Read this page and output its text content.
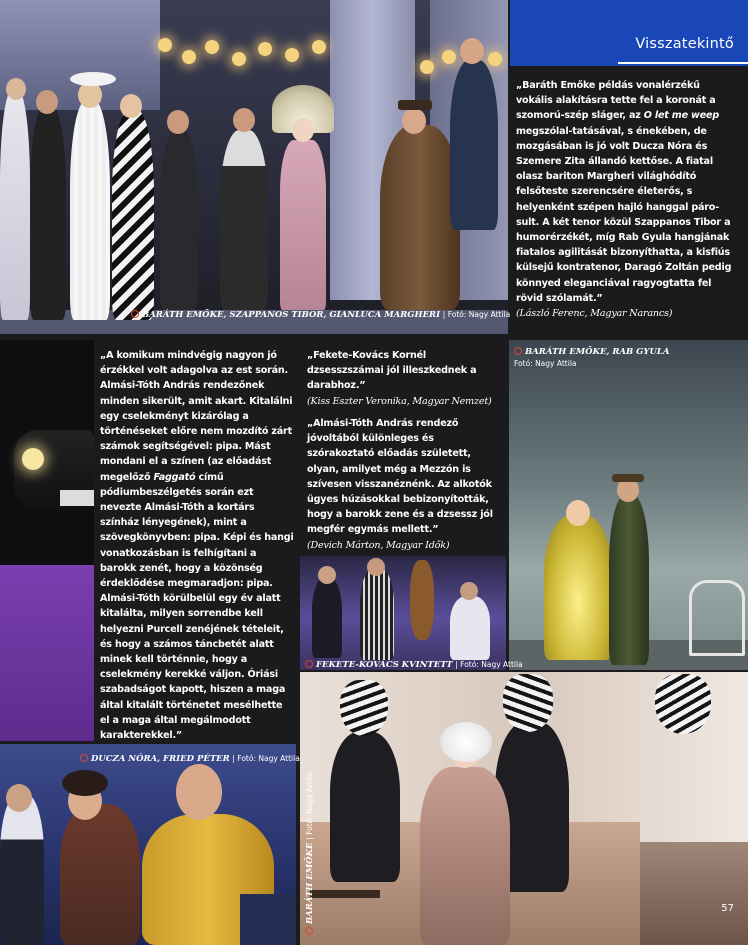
BARÁTH EMŐKE, SZAPPANOS TIBOR, GIANLUCA MARGHERI | Fotó: Nagy Attila
Visszatekintő
„Baráth Emőke példás vonalérzékű vokális alakításra tette fel a koronát a szomorú-szép sláger, az O let me weep megszólal-tatásával, s énekében, de mozgásában is jó volt Ducza Nóra és Szemere Zita állandó kettőse. A fiatal olasz bariton Margheri világhódító felsőteste szerencsére életerős, s helyenként szépen hajló hanggal páro-sult. A két tenor közül Szappanos Tibor a humorérzékét, míg Rab Gyula hangjának fiatalos agilitását bizonyíthatta, a kisfiús külsejű kontratenor, Daragó Zoltán pedig könnyed eleganciával ragyogtatta fel rövid szólamát.”
(László Ferenc, Magyar Narancs)
„A komikum mindvégig nagyon jó érzékkel volt adagolva az est során. Almási-Tóth András rendezőnek minden sikerült, amit akart. Kitalálni egy cselekményt kizárólag a történéseket előre nem mozdító zárt számok segítségével: pipa. Mást mondani el a színen (az előadást megelőző Faggató című pódiumbeszélgetés során ezt nevezte Almási-Tóth a kortárs színház lényegének), mint a szövegkönyvben: pipa. Képi és hangi vonatkozásban is felhígítani a barokk zenét, hogy a közönség érdeklődése megmaradjon: pipa. Almási-Tóth körülbelül egy év alatt kitalálta, milyen sorrendbe kell helyezni Purcell zenéjének tételeit, és hogy a számos táncbetét alatt minek kell történnie, hogy a cselekmény kerekké váljon. Óriási szabadságot kapott, hiszen a maga által kitalált történetet mesélhette el a maga által megálmodott karakterekkel.”
„Fekete-Kovács Kornél dzsesszszámai jól illeszkednek a darabhoz.”
(Kiss Eszter Veronika, Magyar Nemzet)
„Almási-Tóth András rendező jóvoltából különleges és szórakoztató előadás született, olyan, amilyet még a Mezzón is szívesen visszanéznénk. Az alkotók ügyes húzásokkal bebizonyították, hogy a barokk zene és a dzsessz jól megfér egymás mellett.”
(Devich Márton, Magyar Idők)
BARÁTH EMŐKE, RAB GYULA
Fotó: Nagy Attila
FEKETE-KOVÁCS KVINTETT | Fotó: Nagy Attila
DUCZA NÓRA, FRIED PÉTER | Fotó: Nagy Attila
BARÁTH EMŐKE | Fotó: Nagy Attila
57
